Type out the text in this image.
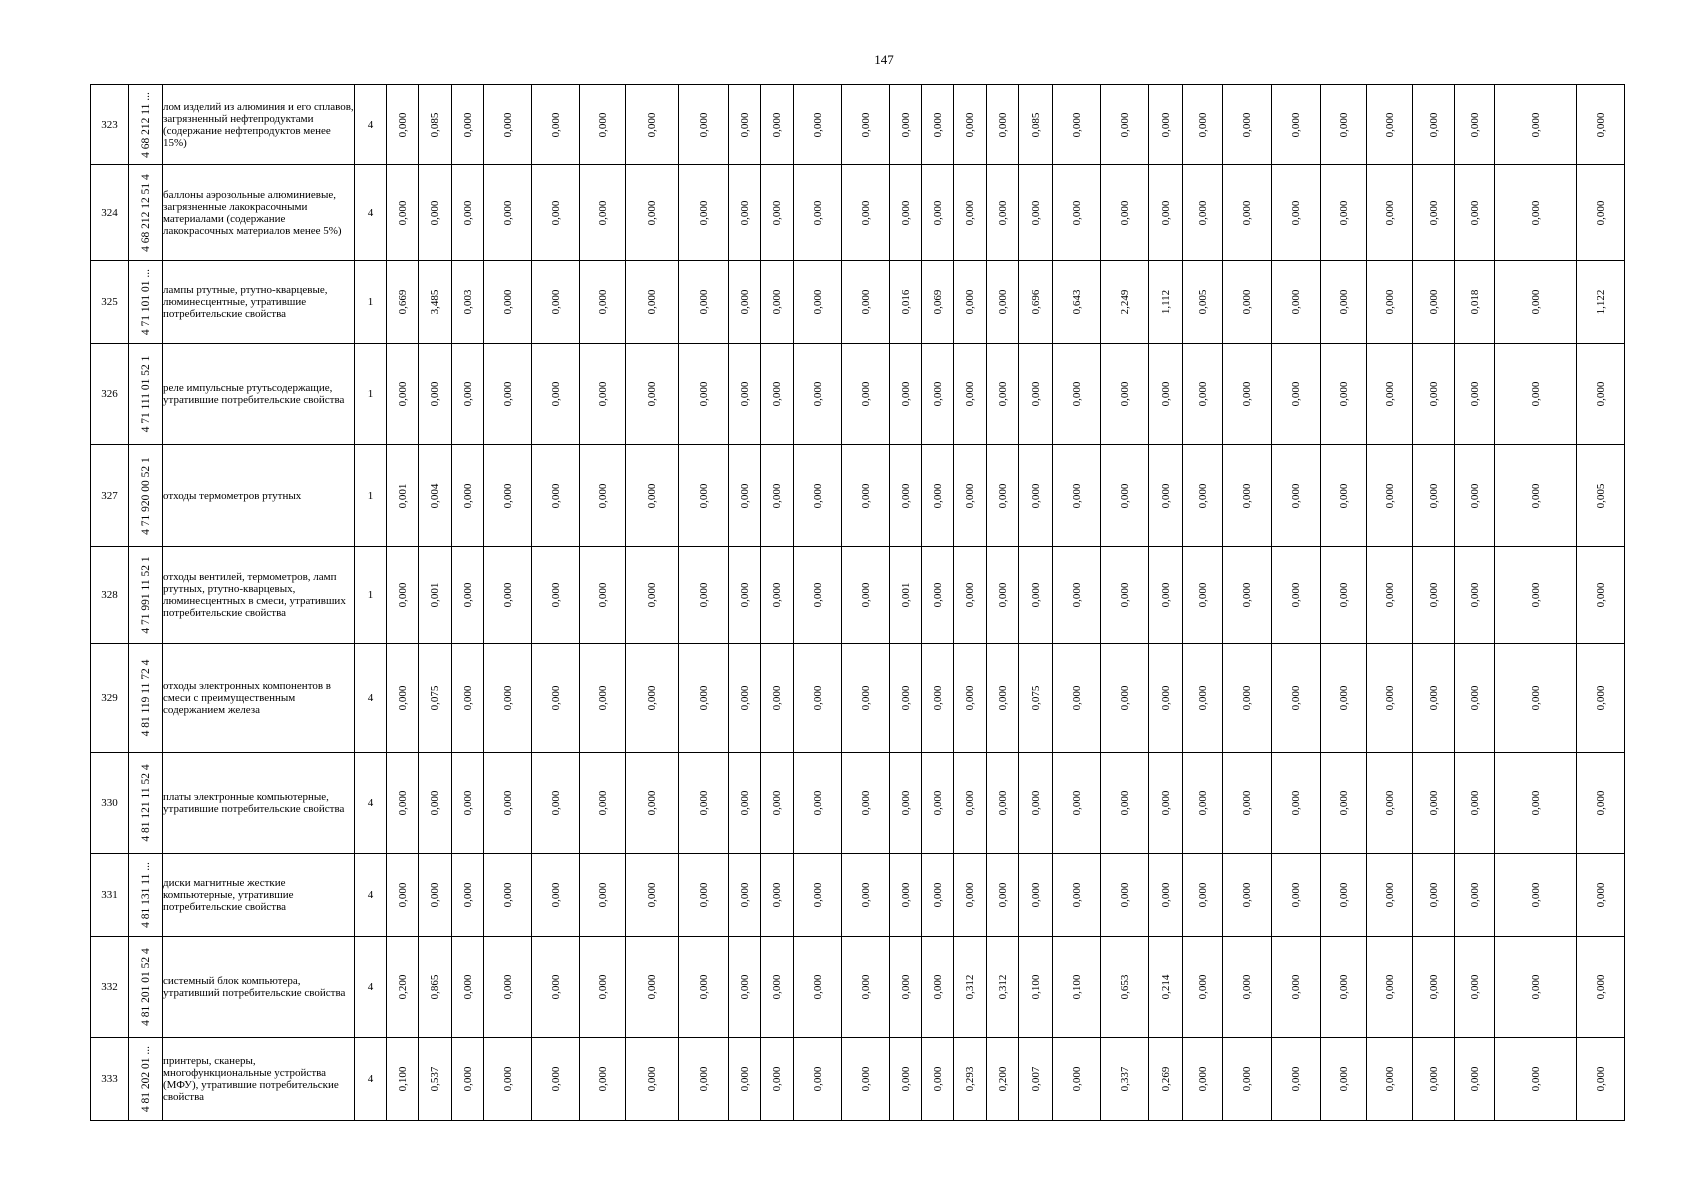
147
323	4 68 212 11 ...	лом изделий из алюминия и его сплавов, загрязненный нефтепродуктами (содержание нефтепродуктов менее 15%)	4	0,000	0,085	0,000	0,000	0,000	0,000	0,000	0,000	0,000	0,000	0,000	0,000	0,000	0,000	0,000	0,000	0,085	0,000	0,000	0,000	0,000	0,000	0,000	0,000	0,000	0,000	0,000	0,000	0,000

324	4 68 212 12 51 4	баллоны аэрозольные алюминиевые, загрязненные лакокрасочными материалами (содержание лакокрасочных материалов менее 5%)	4	0,000	0,000	0,000	0,000	0,000	0,000	0,000	0,000	0,000	0,000	0,000	0,000	0,000	0,000	0,000	0,000	0,000	0,000	0,000	0,000	0,000	0,000	0,000	0,000	0,000	0,000	0,000	0,000	0,000

325	4 71 101 01 ...	лампы ртутные, ртутно-кварцевые, люминесцентные, утратившие потребительские свойства	1	0,669	3,485	0,003	0,000	0,000	0,000	0,000	0,000	0,000	0,000	0,000	0,000	0,016	0,069	0,000	0,000	0,696	0,643	2,249	1,112	0,005	0,000	0,000	0,000	0,000	0,000	0,018	0,000	1,122

326	4 71 111 01 52 1	реле импульсные ртутьсодержащие, утратившие потребительские свойства	1	0,000	0,000	0,000	0,000	0,000	0,000	0,000	0,000	0,000	0,000	0,000	0,000	0,000	0,000	0,000	0,000	0,000	0,000	0,000	0,000	0,000	0,000	0,000	0,000	0,000	0,000	0,000	0,000	0,000

327	4 71 920 00 52 1	отходы термометров ртутных	1	0,001	0,004	0,000	0,000	0,000	0,000	0,000	0,000	0,000	0,000	0,000	0,000	0,000	0,000	0,000	0,000	0,000	0,000	0,000	0,000	0,000	0,000	0,000	0,000	0,000	0,000	0,000	0,000	0,005

328	4 71 991 11 52 1	отходы вентилей, термометров, ламп ртутных, ртутно-кварцевых, люминесцентных в смеси, утративших потребительские свойства	1	0,000	0,001	0,000	0,000	0,000	0,000	0,000	0,000	0,000	0,000	0,000	0,000	0,001	0,000	0,000	0,000	0,000	0,000	0,000	0,000	0,000	0,000	0,000	0,000	0,000	0,000	0,000	0,000	0,000

329	4 81 119 11 72 4	отходы электронных компонентов в смеси с преимущественным содержанием железа	4	0,000	0,075	0,000	0,000	0,000	0,000	0,000	0,000	0,000	0,000	0,000	0,000	0,000	0,000	0,000	0,000	0,075	0,000	0,000	0,000	0,000	0,000	0,000	0,000	0,000	0,000	0,000	0,000	0,000

330	4 81 121 11 52 4	платы электронные компьютерные, утратившие потребительские свойства	4	0,000	0,000	0,000	0,000	0,000	0,000	0,000	0,000	0,000	0,000	0,000	0,000	0,000	0,000	0,000	0,000	0,000	0,000	0,000	0,000	0,000	0,000	0,000	0,000	0,000	0,000	0,000	0,000	0,000

331	4 81 131 11 ...	диски магнитные жесткие компьютерные, утратившие потребительские свойства	4	0,000	0,000	0,000	0,000	0,000	0,000	0,000	0,000	0,000	0,000	0,000	0,000	0,000	0,000	0,000	0,000	0,000	0,000	0,000	0,000	0,000	0,000	0,000	0,000	0,000	0,000	0,000	0,000	0,000

332	4 81 201 01 52 4	системный блок компьютера, утративший потребительские свойства	4	0,200	0,865	0,000	0,000	0,000	0,000	0,000	0,000	0,000	0,000	0,000	0,000	0,000	0,000	0,312	0,312	0,100	0,100	0,653	0,214	0,000	0,000	0,000	0,000	0,000	0,000	0,000	0,000	0,000

333	4 81 202 01 ...	принтеры, сканеры, многофункциональные устройства (МФУ), утратившие потребительские свойства	4	0,100	0,537	0,000	0,000	0,000	0,000	0,000	0,000	0,000	0,000	0,000	0,000	0,000	0,000	0,293	0,200	0,007	0,000	0,337	0,269	0,000	0,000	0,000	0,000	0,000	0,000	0,000	0,000	0,000
